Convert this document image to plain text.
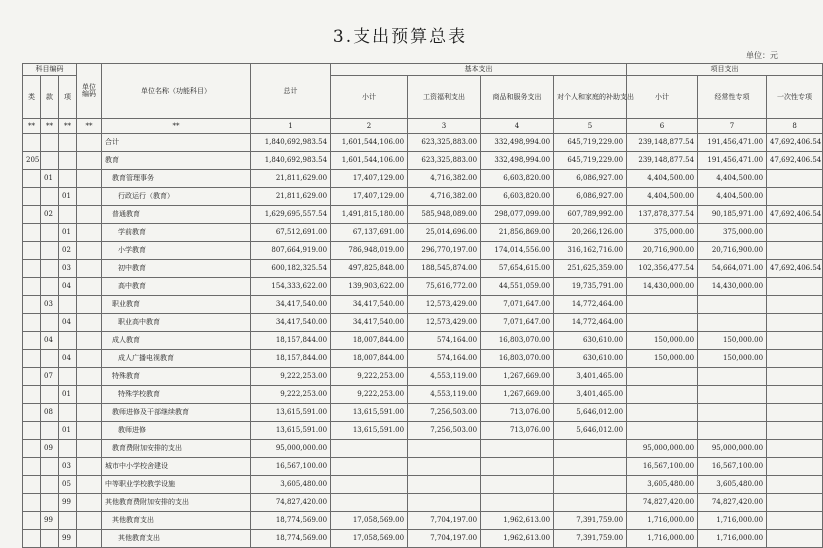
3.支出预算总表
单位：元
科目编码			单位编码	单位名称（功能科目）	总计	基本支出				项目支出		
类	款	项				小计	工资福利支出	商品和服务支出	对个人和家庭的补助支出	小计	经常性专项	一次性专项
**	**	**	**	**	1	2	3	4	5	6	7	8
				合计	1,840,692,983.54	1,601,544,106.00	623,325,883.00	332,498,994.00	645,719,229.00	239,148,877.54	191,456,471.00	47,692,406.54
205				教育	1,840,692,983.54	1,601,544,106.00	623,325,883.00	332,498,994.00	645,719,229.00	239,148,877.54	191,456,471.00	47,692,406.54
	01			教育管理事务	21,811,629.00	17,407,129.00	4,716,382.00	6,603,820.00	6,086,927.00	4,404,500.00	4,404,500.00	
		01		行政运行（教育）	21,811,629.00	17,407,129.00	4,716,382.00	6,603,820.00	6,086,927.00	4,404,500.00	4,404,500.00	
	02			普通教育	1,629,695,557.54	1,491,815,180.00	585,948,089.00	298,077,099.00	607,789,992.00	137,878,377.54	90,185,971.00	47,692,406.54
		01		学前教育	67,512,691.00	67,137,691.00	25,014,696.00	21,856,869.00	20,266,126.00	375,000.00	375,000.00	
		02		小学教育	807,664,919.00	786,948,019.00	296,770,197.00	174,014,556.00	316,162,716.00	20,716,900.00	20,716,900.00	
		03		初中教育	600,182,325.54	497,825,848.00	188,545,874.00	57,654,615.00	251,625,359.00	102,356,477.54	54,664,071.00	47,692,406.54
		04		高中教育	154,333,622.00	139,903,622.00	75,616,772.00	44,551,059.00	19,735,791.00	14,430,000.00	14,430,000.00	
	03			职业教育	34,417,540.00	34,417,540.00	12,573,429.00	7,071,647.00	14,772,464.00			
		04		职业高中教育	34,417,540.00	34,417,540.00	12,573,429.00	7,071,647.00	14,772,464.00			
	04			成人教育	18,157,844.00	18,007,844.00	574,164.00	16,803,070.00	630,610.00	150,000.00	150,000.00	
		04		成人广播电视教育	18,157,844.00	18,007,844.00	574,164.00	16,803,070.00	630,610.00	150,000.00	150,000.00	
	07			特殊教育	9,222,253.00	9,222,253.00	4,553,119.00	1,267,669.00	3,401,465.00			
		01		特殊学校教育	9,222,253.00	9,222,253.00	4,553,119.00	1,267,669.00	3,401,465.00			
	08			教师进修及干部继续教育	13,615,591.00	13,615,591.00	7,256,503.00	713,076.00	5,646,012.00			
		01		教师进修	13,615,591.00	13,615,591.00	7,256,503.00	713,076.00	5,646,012.00			
	09			教育费附加安排的支出	95,000,000.00					95,000,000.00	95,000,000.00	
		03		城市中小学校舍建设	16,567,100.00					16,567,100.00	16,567,100.00	
		05		中等职业学校教学设施	3,605,480.00					3,605,480.00	3,605,480.00	
		99		其他教育费附加安排的支出	74,827,420.00					74,827,420.00	74,827,420.00	
	99			其他教育支出	18,774,569.00	17,058,569.00	7,704,197.00	1,962,613.00	7,391,759.00	1,716,000.00	1,716,000.00	
		99		其他教育支出	18,774,569.00	17,058,569.00	7,704,197.00	1,962,613.00	7,391,759.00	1,716,000.00	1,716,000.00	
